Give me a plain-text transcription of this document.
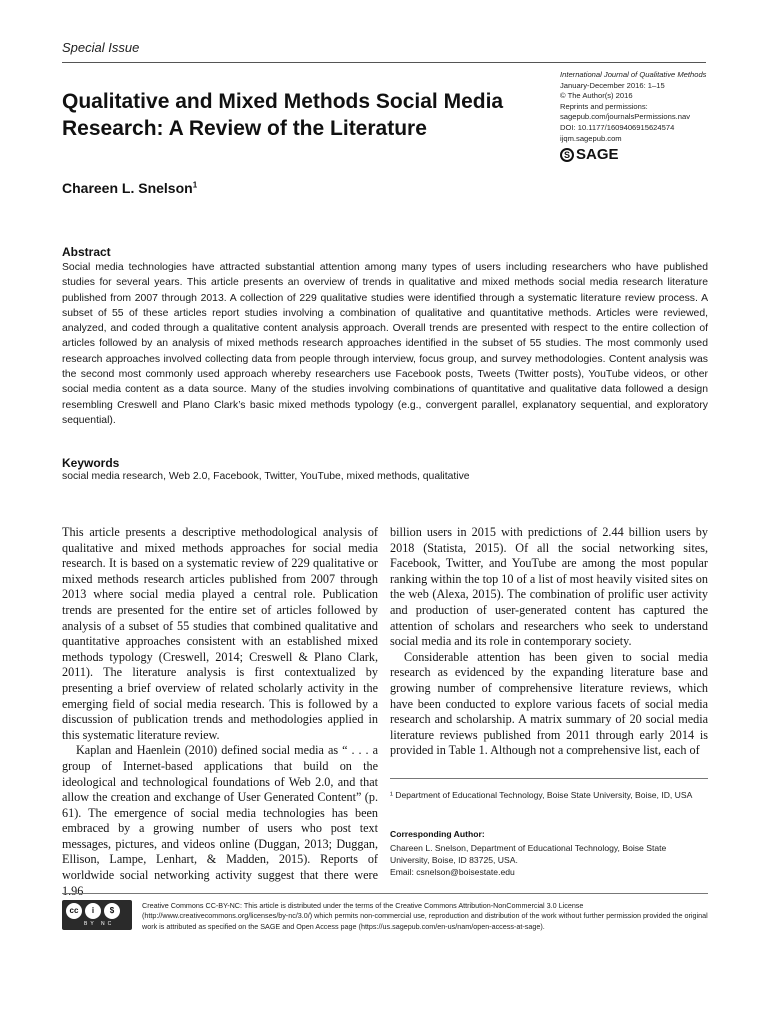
Special Issue
Qualitative and Mixed Methods Social Media Research: A Review of the Literature
International Journal of Qualitative Methods
January-December 2016: 1–15
© The Author(s) 2016
Reprints and permissions:
sagepub.com/journalsPermissions.nav
DOI: 10.1177/1609406915624574
ijqm.sagepub.com
S SAGE
Chareen L. Snelson$^1$
Abstract
Social media technologies have attracted substantial attention among many types of users including researchers who have published studies for several years. This article presents an overview of trends in qualitative and mixed methods social media research literature published from 2007 through 2013. A collection of 229 qualitative studies were identified through a systematic literature review process. A subset of 55 of these articles report studies involving a combination of qualitative and quantitative methods. Articles were reviewed, analyzed, and coded through a qualitative content analysis approach. Overall trends are presented with respect to the entire collection of articles followed by an analysis of mixed methods research approaches identified in the subset of 55 studies. The most commonly used research approaches involved collecting data from people through interview, focus group, and survey methodologies. Content analysis was the second most commonly used approach whereby researchers use Facebook posts, Tweets (Twitter posts), YouTube videos, or other social media content as a data source. Many of the studies involving combinations of quantitative and qualitative data followed a design resembling Creswell and Plano Clark’s basic mixed methods typology (e.g., convergent parallel, explanatory sequential, and exploratory sequential).
Keywords
social media research, Web 2.0, Facebook, Twitter, YouTube, mixed methods, qualitative

This article presents a descriptive methodological analysis of qualitative and mixed methods approaches for social media research. It is based on a systematic review of 229 qualitative or mixed methods research articles published from 2007 through 2013 where social media played a central role. Publication trends are presented for the entire set of articles followed by analysis of a subset of 55 studies that combined qualitative and quantitative approaches consistent with an established mixed methods typology (Creswell, 2014; Creswell & Plano Clark, 2011). The literature analysis is first contextualized by presenting a brief overview of related scholarly activity in the emerging field of social media research. This is followed by a discussion of publication trends and methodologies applied in this systematic literature review.

Kaplan and Haenlein (2010) defined social media as “ . . . a group of Internet-based applications that build on the ideological and technological foundations of Web 2.0, and that allow the creation and exchange of User Generated Content” (p. 61). The emergence of social media technologies has been embraced by a growing number of users who post text messages, pictures, and videos online (Duggan, 2013; Duggan, Ellison, Lampe, Lenhart, & Madden, 2015). Reports of worldwide social networking activity suggest that there were 1.96

billion users in 2015 with predictions of 2.44 billion users by 2018 (Statista, 2015). Of all the social networking sites, Facebook, Twitter, and YouTube are among the most popular ranking within the top 10 of a list of most heavily visited sites on the web (Alexa, 2015). The combination of prolific user activity and production of user-generated content has captured the attention of scholars and researchers who seek to understand social media and its role in contemporary society.

Considerable attention has been given to social media research as evidenced by the expanding literature base and growing number of comprehensive literature reviews, which have been conducted to explore various facets of social media research and scholarship. A matrix summary of 20 social media literature reviews published from 2011 through early 2014 is provided in Table 1. Although not a comprehensive list, each of

¹ Department of Educational Technology, Boise State University, Boise, ID, USA
Corresponding Author:
Chareen L. Snelson, Department of Educational Technology, Boise State University, Boise, ID 83725, USA.
Email: csnelson@boisestate.edu
cc	i	$
BY NC
Creative Commons CC-BY-NC: This article is distributed under the terms of the Creative Commons Attribution-NonCommercial 3.0 License (http://www.creativecommons.org/licenses/by-nc/3.0/) which permits non-commercial use, reproduction and distribution of the work without further permission provided the original work is attributed as specified on the SAGE and Open Access page (https://us.sagepub.com/en-us/nam/open-access-at-sage).
